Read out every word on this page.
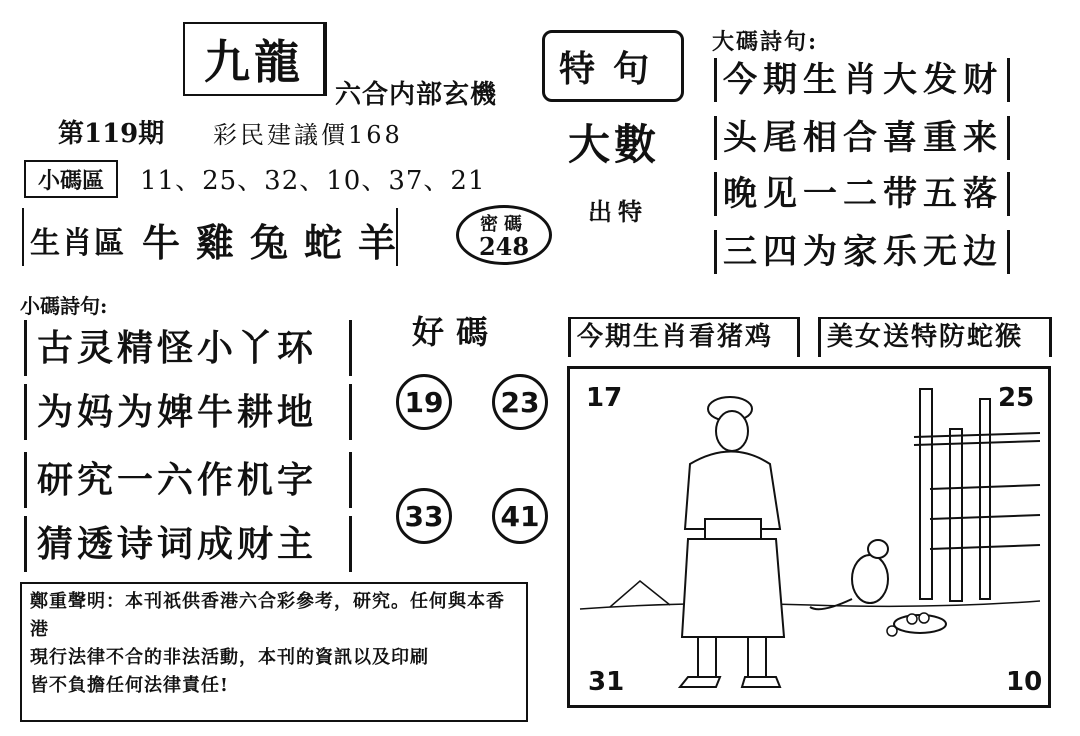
九龍
六合内部玄機
第119期 彩民建議價168
小碼區	11、25、32、10、37、21
生肖區 牛雞兔蛇羊	密碼
248
特句
大數
出特
大碼詩句:
今期生肖大发财
头尾相合喜重来
晚见一二带五落
三四为家乐无边
小碼詩句:
古灵精怪小丫环
为妈为婢牛耕地
研究一六作机字
猜透诗词成财主
好碼
19	23
33	41
今期生肖看猪鸡	美女送特防蛇猴
17	25
31	10
鄭重聲明：本刊祇供香港六合彩參考，研究。任何與本香港
現行法律不合的非法活動，本刊的資訊以及印刷
皆不負擔任何法律責任!
